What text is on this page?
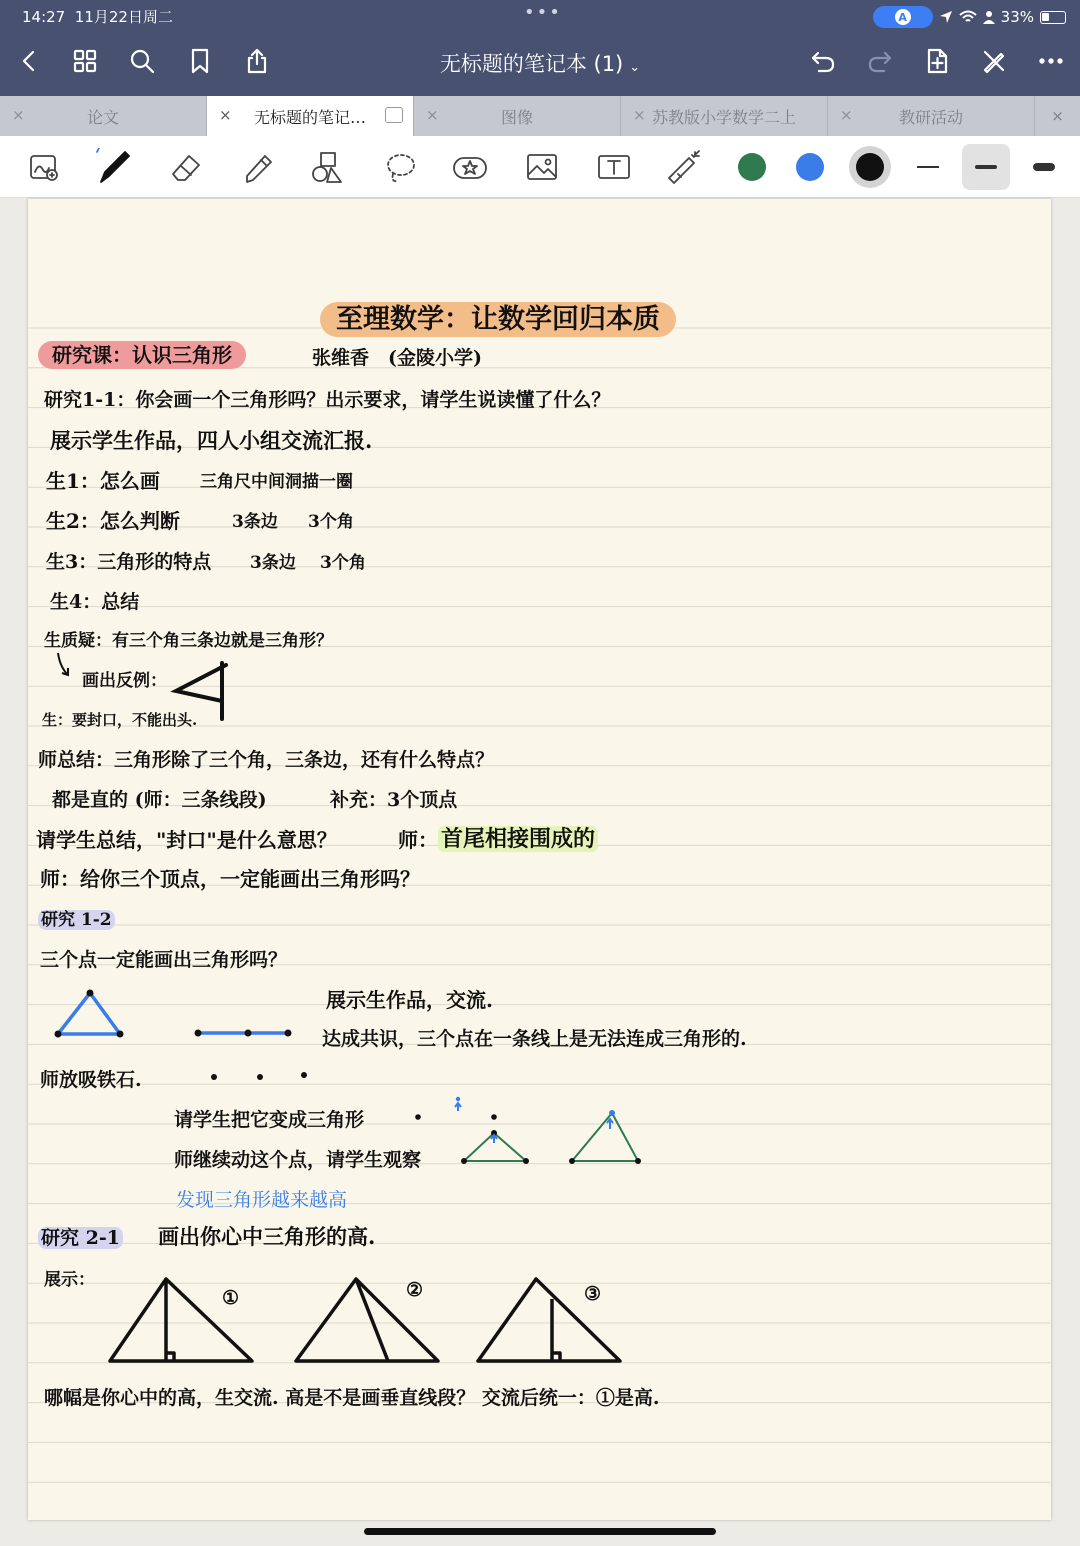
14:27 11月22日周二	•••	A	33%
无标题的笔记本 (1) ⌄
×	论文	× 无标题的笔记…	×	图像	× 苏教版小学数学二上	×	教研活动	×
至理数学：让数学回归本质
研究课：认识三角形	张维香　(金陵小学)
研究1-1：你会画一个三角形吗？出示要求，请学生说读懂了什么？
展示学生作品，四人小组交流汇报.
生1：怎么画 三角尺中间洞描一圈
生2：怎么判断	3条边 3个角
生3：三角形的特点 3条边 3个角
生4：总结
生质疑：有三个角三条边就是三角形？
画出反例：
生：要封口，不能出头.
师总结：三角形除了三个角，三条边，还有什么特点？
都是直的 (师：三条线段)	补充：3个顶点
请学生总结，"封口"是什么意思？	师： 首尾相接围成的
师：给你三个顶点，一定能画出三角形吗？
研究 1-2
三个点一定能画出三角形吗？
展示生作品，交流.
达成共识，三个点在一条线上是无法连成三角形的.
师放吸铁石.
请学生把它变成三角形
师继续动这个点，请学生观察
发现三角形越来越高
研究 2-1 画出你心中三角形的高.
展示：
①	②	③
哪幅是你心中的高，生交流. 高是不是画垂直线段？ 交流后统一：①是高.
